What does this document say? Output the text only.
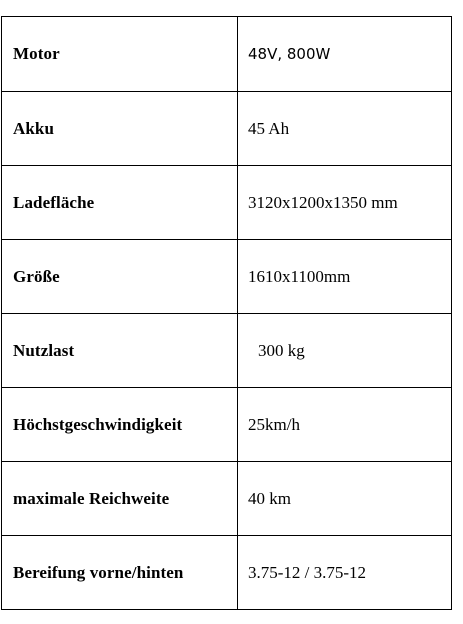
Motor	48V, 800W
Akku	45 Ah
Ladefläche	3120x1200x1350 mm
Größe	1610x1100mm
Nutzlast	300 kg
Höchstgeschwindigkeit	25km/h
maximale Reichweite	40 km
Bereifung vorne/hinten	3.75-12 / 3.75-12
